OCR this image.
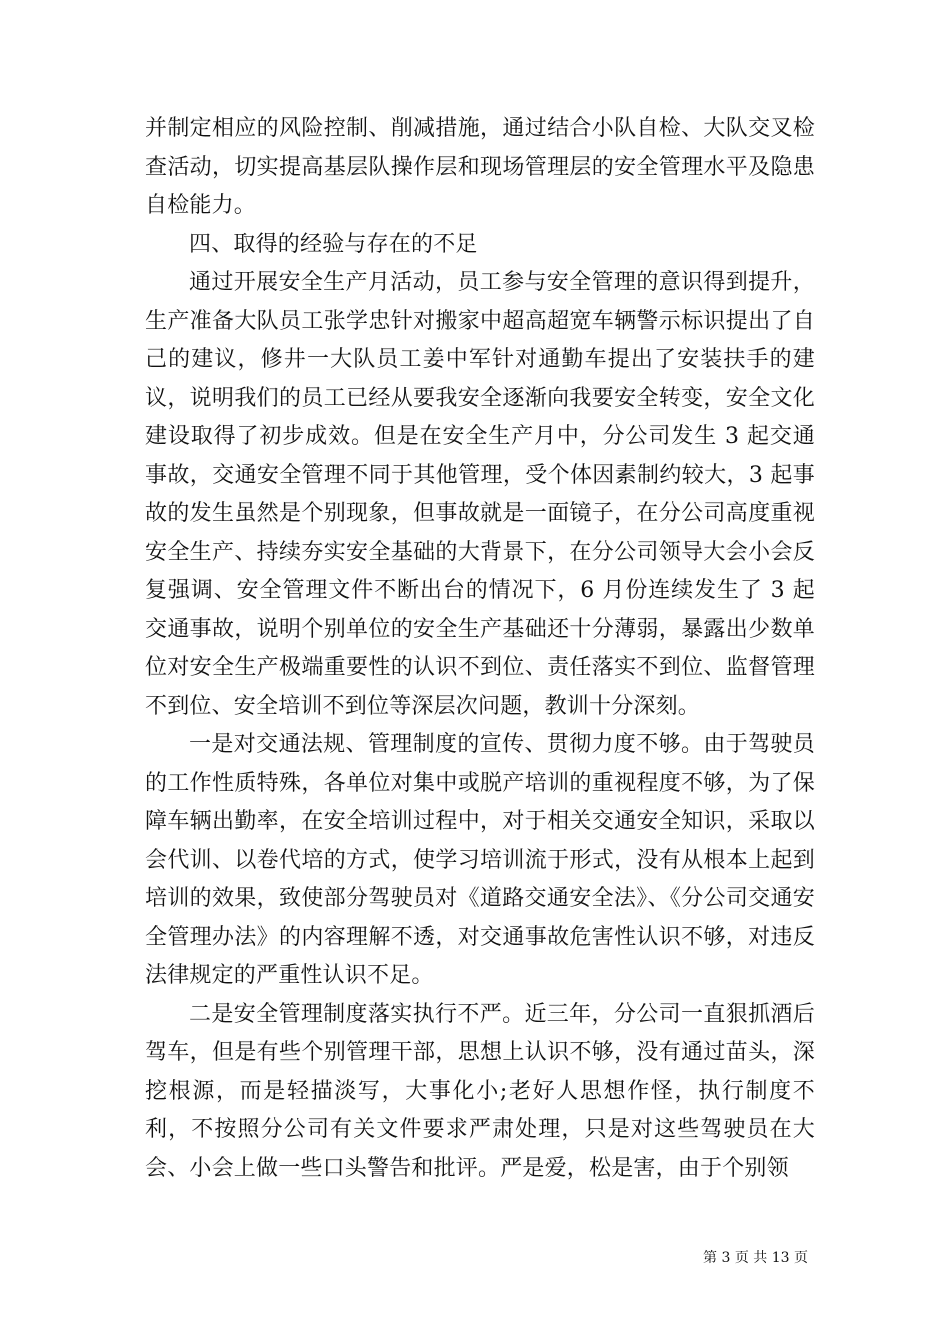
并制定相应的风险控制、削减措施，通过结合小队自检、大队交叉检查活动，切实提高基层队操作层和现场管理层的安全管理水平及隐患自检能力。

四、取得的经验与存在的不足

通过开展安全生产月活动，员工参与安全管理的意识得到提升，生产准备大队员工张学忠针对搬家中超高超宽车辆警示标识提出了自己的建议，修井一大队员工姜中军针对通勤车提出了安装扶手的建议，说明我们的员工已经从要我安全逐渐向我要安全转变，安全文化建设取得了初步成效。但是在安全生产月中，分公司发生 3 起交通事故，交通安全管理不同于其他管理，受个体因素制约较大，3 起事故的发生虽然是个别现象，但事故就是一面镜子，在分公司高度重视安全生产、持续夯实安全基础的大背景下，在分公司领导大会小会反复强调、安全管理文件不断出台的情况下，6 月份连续发生了 3 起交通事故，说明个别单位的安全生产基础还十分薄弱，暴露出少数单位对安全生产极端重要性的认识不到位、责任落实不到位、监督管理不到位、安全培训不到位等深层次问题，教训十分深刻。

一是对交通法规、管理制度的宣传、贯彻力度不够。由于驾驶员的工作性质特殊，各单位对集中或脱产培训的重视程度不够，为了保障车辆出勤率，在安全培训过程中，对于相关交通安全知识，采取以会代训、以卷代培的方式，使学习培训流于形式，没有从根本上起到培训的效果，致使部分驾驶员对《道路交通安全法》、《分公司交通安全管理办法》的内容理解不透，对交通事故危害性认识不够，对违反法律规定的严重性认识不足。

二是安全管理制度落实执行不严。近三年，分公司一直狠抓酒后驾车，但是有些个别管理干部，思想上认识不够，没有通过苗头，深挖根源，而是轻描淡写，大事化小;老好人思想作怪，执行制度不利，不按照分公司有关文件要求严肃处理，只是对这些驾驶员在大会、小会上做一些口头警告和批评。严是爱，松是害，由于个别领

第 3 页 共 13 页
